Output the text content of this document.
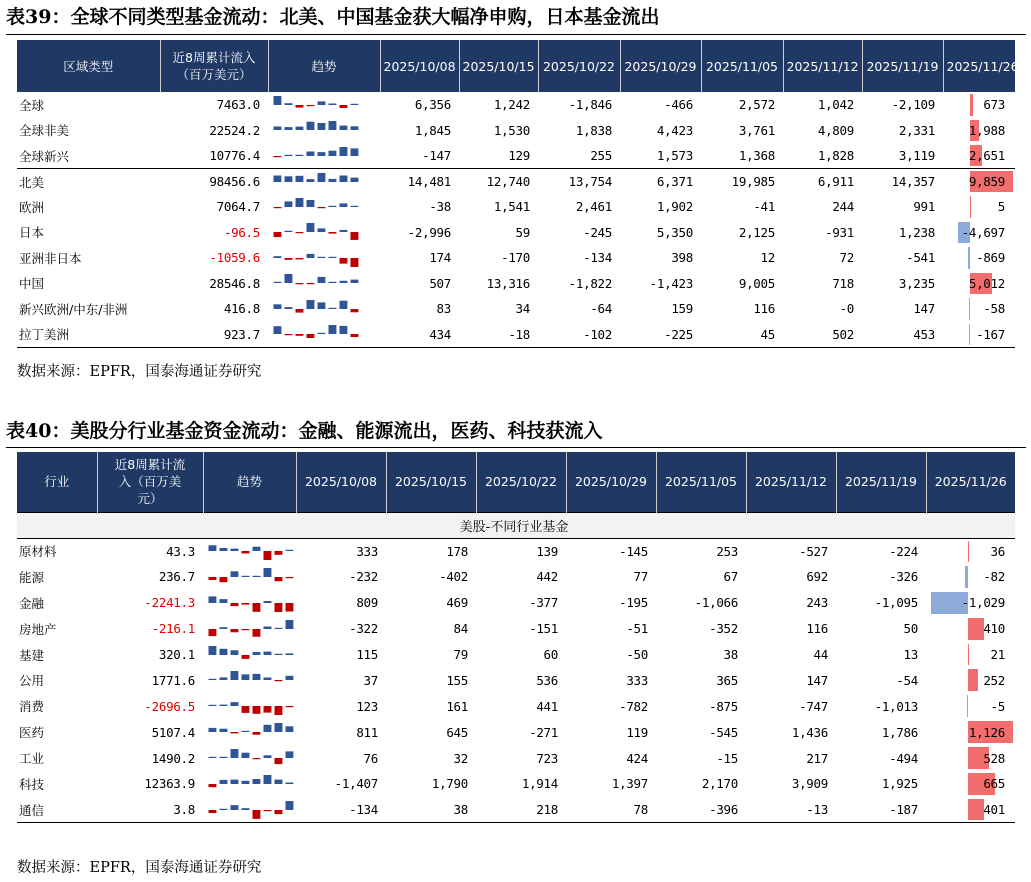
表39：全球不同类型基金流动：北美、中国基金获大幅净申购，日本基金流出
区域类型	近8周累计流入（百万美元）	趋势	2025/10/08	2025/10/15	2025/10/22	2025/10/29	2025/11/05	2025/11/12	2025/11/19	2025/11/26
全球	7463.0		6,356	1,242	-1,846	-466	2,572	1,042	-2,109	673

全球非美	22524.2		1,845	1,530	1,838	4,423	3,761	4,809	2,331	1,988

全球新兴	10776.4		-147	129	255	1,573	1,368	1,828	3,119	2,651

北美	98456.6		14,481	12,740	13,754	6,371	19,985	6,911	14,357	9,859

欧洲	7064.7		-38	1,541	2,461	1,902	-41	244	991	5

日本	-96.5		-2,996	59	-245	5,350	2,125	-931	1,238	-4,697

亚洲非日本	-1059.6		174	-170	-134	398	12	72	-541	-869

中国	28546.8		507	13,316	-1,822	-1,423	9,005	718	3,235	5,012

新兴欧洲/中东/非洲	416.8		83	34	-64	159	116	-0	147	-58

拉丁美洲	923.7		434	-18	-102	-225	45	502	453	-167
数据来源：EPFR，国泰海通证券研究
表40：美股分行业基金资金流动：金融、能源流出，医药、科技获流入
行业	近8周累计流入（百万美元）	趋势	2025/10/08	2025/10/15	2025/10/22	2025/10/29	2025/11/05	2025/11/12	2025/11/19	2025/11/26
美股-不同行业基金										
原材料	43.3		333	178	139	-145	253	-527	-224	36

能源	236.7		-232	-402	442	77	67	692	-326	-82

金融	-2241.3		809	469	-377	-195	-1,066	243	-1,095	-1,029

房地产	-216.1		-322	84	-151	-51	-352	116	50	410

基建	320.1		115	79	60	-50	38	44	13	21

公用	1771.6		37	155	536	333	365	147	-54	252

消费	-2696.5		123	161	441	-782	-875	-747	-1,013	-5

医药	5107.4		811	645	-271	119	-545	1,436	1,786	1,126

工业	1490.2		76	32	723	424	-15	217	-494	528

科技	12363.9		-1,407	1,790	1,914	1,397	2,170	3,909	1,925	665

通信	3.8		-134	38	218	78	-396	-13	-187	401
数据来源：EPFR，国泰海通证券研究
